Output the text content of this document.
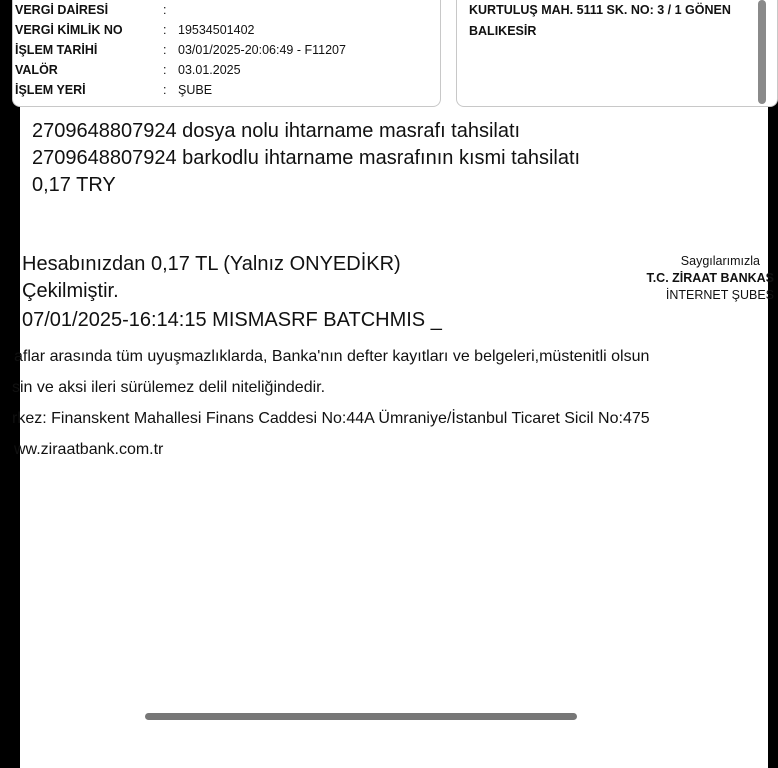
VERGİ DAİRESİ	:
VERGİ KİMLİK NO	: 19534501402
İŞLEM TARİHİ	: 03/01/2025-20:06:49 - F11207
VALÖR	: 03.01.2025
İŞLEM YERİ	: ŞUBE
KURTULUŞ MAH. 5111 SK. NO: 3 / 1 GÖNEN
BALIKESİR
2709648807924 dosya nolu ihtarname masrafı tahsilatı
2709648807924 barkodlu ihtarname masrafının kısmi tahsilatı
0,17 TRY
Hesabınızdan 0,17 TL (Yalnız ONYEDİKR)
Çekilmiştir.
07/01/2025-16:14:15 MISMASRF BATCHMIS _
Saygılarımızla
T.C. ZİRAAT BANKAS
İNTERNET ŞUBES
aflar arasında tüm uyuşmazlıklarda, Banka'nın defter kayıtları ve belgeleri,müstenitli olsun
sin ve aksi ileri sürülemez delil niteliğindedir.
rkez: Finanskent Mahallesi Finans Caddesi No:44A Ümraniye/İstanbul Ticaret Sicil No:475
ww.ziraatbank.com.tr
